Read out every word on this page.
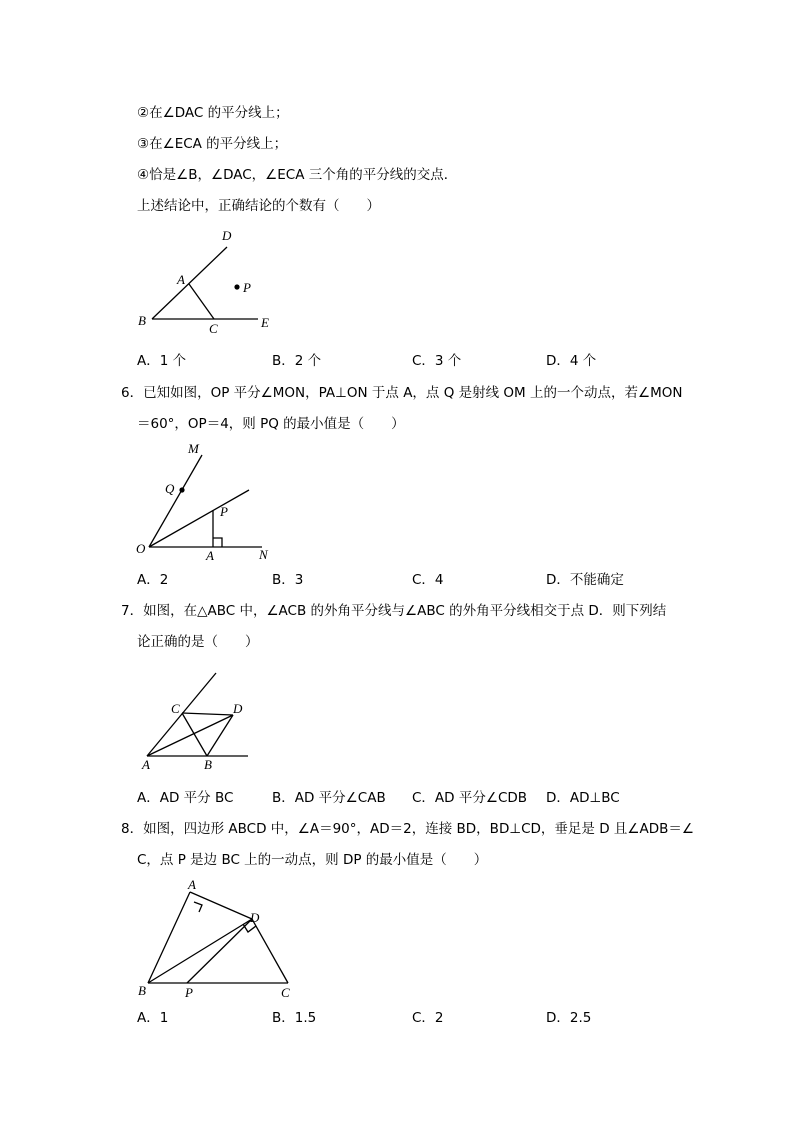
②在∠DAC 的平分线上；
③在∠ECA 的平分线上；
④恰是∠B，∠DAC，∠ECA 三个角的平分线的交点．
上述结论中，正确结论的个数有（　　）
D
A
P
B
C	E
A．1 个	B．2 个	C．3 个	D．4 个
6．已知如图，OP 平分∠MON，PA⊥ON 于点 A，点 Q 是射线 OM 上的一个动点，若∠MON
＝60°，OP＝4，则 PQ 的最小值是（　　）
M
Q
P
O	A	N
A．2	B．3	C．4	D．不能确定
7．如图，在△ABC 中，∠ACB 的外角平分线与∠ABC 的外角平分线相交于点 D．则下列结
论正确的是（　　）
C	D
A	B
A．AD 平分 BC	B．AD 平分∠CAB C．AD 平分∠CDB D．AD⊥BC
8．如图，四边形 ABCD 中，∠A＝90°，AD＝2，连接 BD，BD⊥CD，垂足是 D 且∠ADB＝∠
C，点 P 是边 BC 上的一动点，则 DP 的最小值是（　　）
A
D
B	P	C
A．1	B．1.5	C．2	D．2.5
